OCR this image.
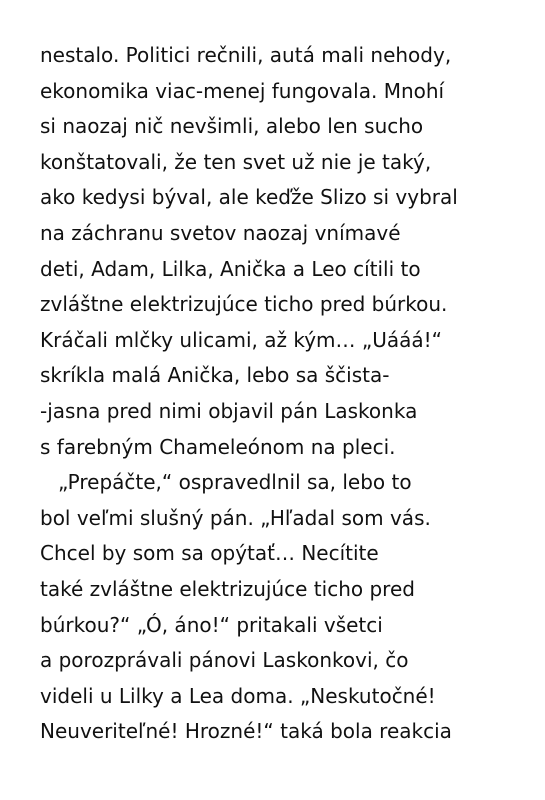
nestalo. Politici rečnili, autá mali nehody,
ekonomika viac-menej fungovala. Mnohí
si naozaj nič nevšimli, alebo len sucho
konštatovali, že ten svet už nie je taký,
ako kedysi býval, ale keďže Slizo si vybral
na záchranu svetov naozaj vnímavé
deti, Adam, Lilka, Anička a Leo cítili to
zvláštne elektrizujúce ticho pred búrkou.
Kráčali mlčky ulicami, až kým… „Uááá!“
skríkla malá Anička, lebo sa ščista-
-jasna pred nimi objavil pán Laskonka
s farebným Chameleónom na pleci.
„Prepáčte,“ ospravedlnil sa, lebo to
bol veľmi slušný pán. „Hľadal som vás.
Chcel by som sa opýtať… Necítite
také zvláštne elektrizujúce ticho pred
búrkou?“ „Ó, áno!“ pritakali všetci
a porozprávali pánovi Laskonkovi, čo
videli u Lilky a Lea doma. „Neskutočné!
Neuveriteľné! Hrozné!“ taká bola reakcia
